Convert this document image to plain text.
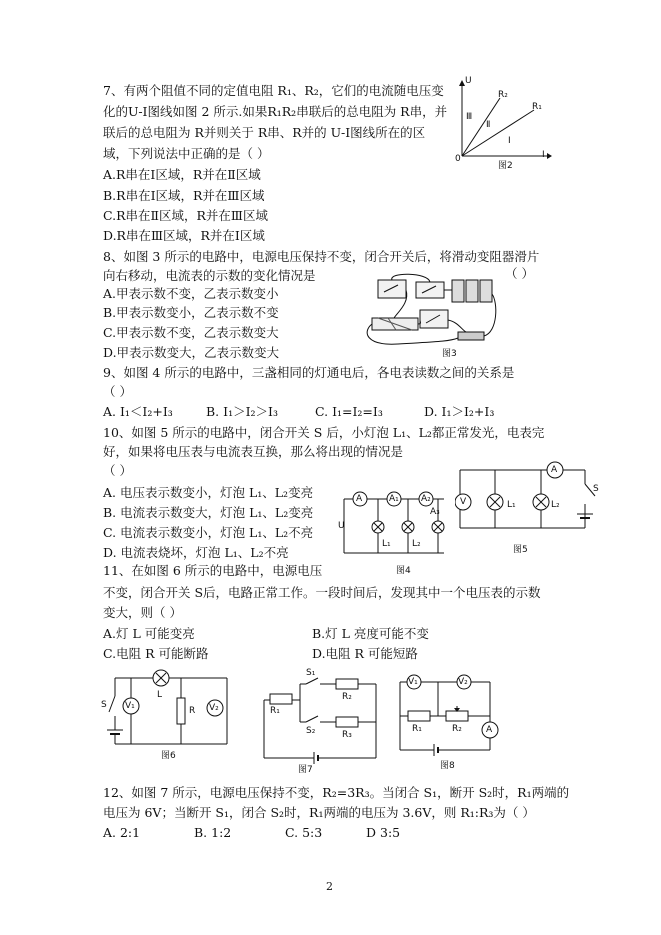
7、有两个阻值不同的定值电阻 R₁、R₂，它们的电流随电压变
化的U-I图线如图 2 所示.如果R₁R₂串联后的总电阻为 R串，并
联后的总电阻为 R并则关于 R串、R并的 U-I图线所在的区
域，下列说法中正确的是（ ）
A.R串在Ⅰ区域，R并在Ⅱ区域
B.R串在Ⅰ区域，R并在Ⅲ区域
C.R串在Ⅱ区域，R并在Ⅲ区域
D.R串在Ⅲ区域，R并在Ⅰ区域
U
I
0
R₂
R₁
Ⅲ
Ⅱ
Ⅰ
图2
8、如图 3 所示的电路中，电源电压保持不变，闭合开关后，将滑动变阻器滑片
向右移动，电流表的示数的变化情况是	（ ）
A.甲表示数不变，乙表示数变小
B.甲表示数变小，乙表示数不变
C.甲表示数不变，乙表示数变大
D.甲表示数变大，乙表示数变大	图3
9、如图 4 所示的电路中，三盏相同的灯通电后，各电表读数之间的关系是
（ ）
A. I₁＜I₂+I₃	B. I₁＞I₂＞I₃	C. I₁=I₂=I₃	D. I₁＞I₂+I₃
10、如图 5 所示的电路中，闭合开关 S 后，小灯泡 L₁、L₂都正常发光，电表完
好，如果将电压表与电流表互换，那么将出现的情况是
（ ）
A. 电压表示数变小，灯泡 L₁、L₂变亮
B. 电流表示数变大，灯泡 L₁、L₂变亮
C. 电流表示数变小，灯泡 L₁、L₂不亮
D. 电流表烧坏，灯泡 L₁、L₂不亮
A	A₁ A₂
A₃
U
L₁ L₂
图4
A
V	L₁	L₂
S
图5
11、在如图 6 所示的电路中，电源电压
不变，闭合开关 S后，电路正常工作。一段时间后，发现其中一个电压表的示数
变大，则（ ）
A.灯 L 可能变亮	B.灯 L 亮度可能不变
C.电阻 R 可能断路	D.电阻 R 可能短路
S V₁
L
R V₂
图6
S₁
S₂
R₁
R₂
R₃
图7
V₁	V₂
R₁	R₂	A
图8
12、如图 7 所示，电源电压保持不变，R₂=3R₃。当闭合 S₁，断开 S₂时，R₁两端的
电压为 6V；当断开 S₁，闭合 S₂时，R₁两端的电压为 3.6V，则 R₁:R₃为（ ）
A. 2:1	B. 1:2	C. 5:3	D 3:5
2
